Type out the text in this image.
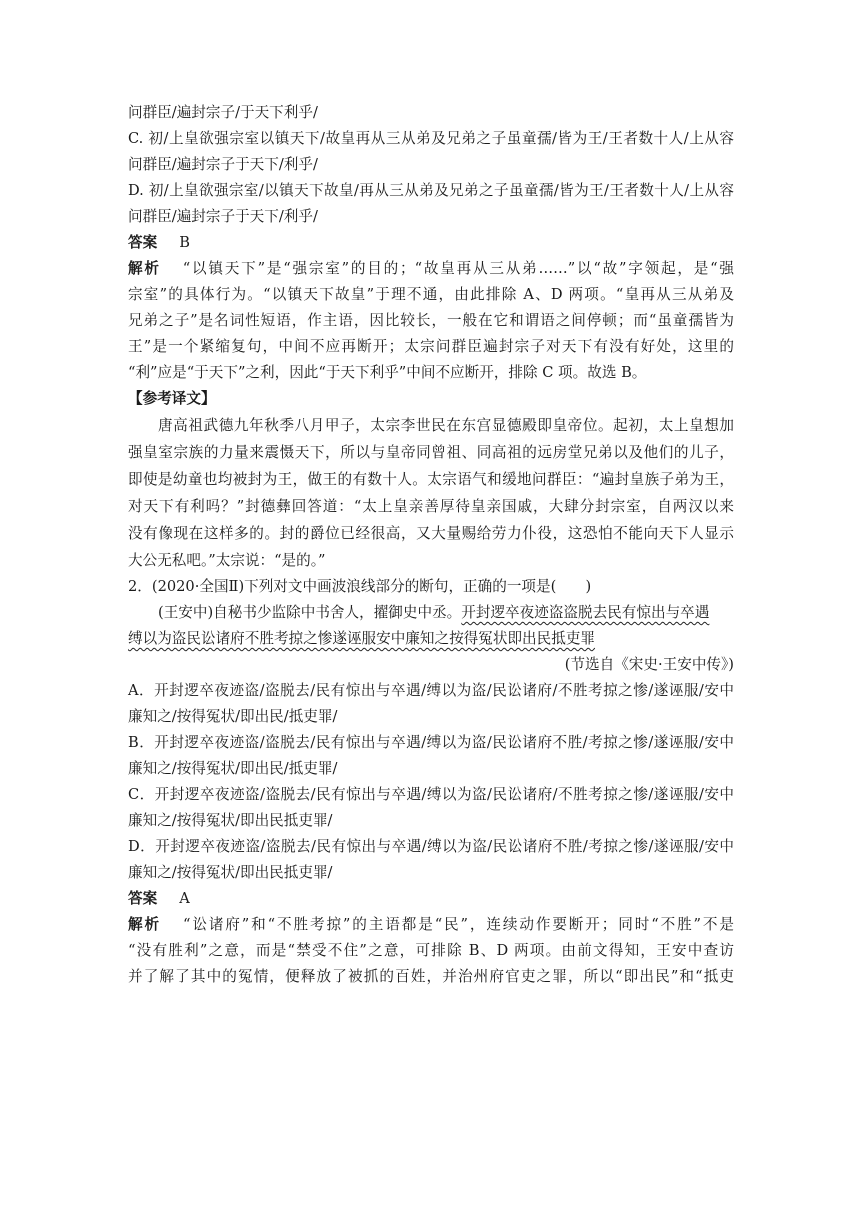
问群臣/遍封宗子/于天下利乎/
C. 初/上皇欲强宗室以镇天下/故皇再从三从弟及兄弟之子虽童孺/皆为王/王者数十人/上从容
问群臣/遍封宗子于天下/利乎/
D. 初/上皇欲强宗室/以镇天下故皇/再从三从弟及兄弟之子虽童孺/皆为王/王者数十人/上从容
问群臣/遍封宗子于天下/利乎/
答案 B
解析 “以镇天下”是“强宗室”的目的；“故皇再从三从弟……”以“故”字领起，是“强
宗室”的具体行为。“以镇天下故皇”于理不通，由此排除 A、D 两项。“皇再从三从弟及
兄弟之子”是名词性短语，作主语，因比较长，一般在它和谓语之间停顿；而“虽童孺皆为
王”是一个紧缩复句，中间不应再断开；太宗问群臣遍封宗子对天下有没有好处，这里的
“利”应是“于天下”之利，因此“于天下利乎”中间不应断开，排除 C 项。故选 B。
【参考译文】
唐高祖武德九年秋季八月甲子，太宗李世民在东宫显德殿即皇帝位。起初，太上皇想加
强皇室宗族的力量来震慑天下，所以与皇帝同曾祖、同高祖的远房堂兄弟以及他们的儿子，
即使是幼童也均被封为王，做王的有数十人。太宗语气和缓地问群臣：“遍封皇族子弟为王，
对天下有利吗？”封德彝回答道：“太上皇亲善厚待皇亲国戚，大肆分封宗室，自两汉以来
没有像现在这样多的。封的爵位已经很高，又大量赐给劳力仆役，这恐怕不能向天下人显示
大公无私吧。”太宗说：“是的。”
2．(2020·全国Ⅱ)下列对文中画波浪线部分的断句，正确的一项是(　　)
(王安中)自秘书少监除中书舍人，擢御史中丞。开封逻卒夜迹盗盗脱去民有惊出与卒遇
缚以为盗民讼诸府不胜考掠之惨遂诬服安中廉知之按得冤状即出民抵吏罪
(节选自《宋史·王安中传》)
A．开封逻卒夜迹盗/盗脱去/民有惊出与卒遇/缚以为盗/民讼诸府/不胜考掠之惨/遂诬服/安中
廉知之/按得冤状/即出民/抵吏罪/
B．开封逻卒夜迹盗/盗脱去/民有惊出与卒遇/缚以为盗/民讼诸府不胜/考掠之惨/遂诬服/安中
廉知之/按得冤状/即出民/抵吏罪/
C．开封逻卒夜迹盗/盗脱去/民有惊出与卒遇/缚以为盗/民讼诸府/不胜考掠之惨/遂诬服/安中
廉知之/按得冤状/即出民抵吏罪/
D．开封逻卒夜迹盗/盗脱去/民有惊出与卒遇/缚以为盗/民讼诸府不胜/考掠之惨/遂诬服/安中
廉知之/按得冤状/即出民抵吏罪/
答案 A
解析 “讼诸府”和“不胜考掠”的主语都是“民”，连续动作要断开；同时“不胜”不是
“没有胜利”之意，而是“禁受不住”之意，可排除 B、D 两项。由前文得知，王安中查访
并了解了其中的冤情，便释放了被抓的百姓，并治州府官吏之罪，所以“即出民”和“抵吏
